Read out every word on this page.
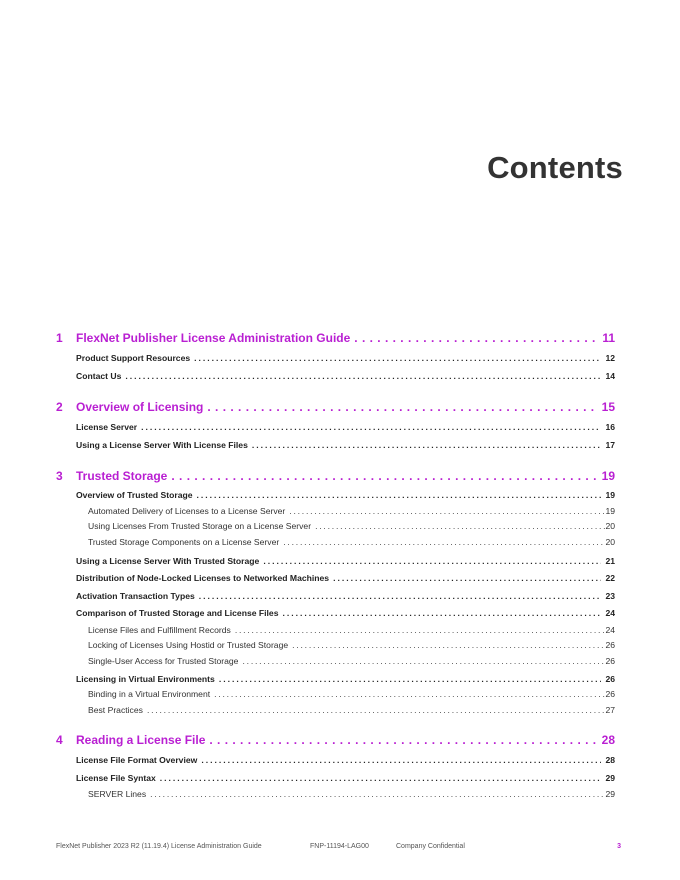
Contents
1	FlexNet Publisher License Administration Guide . . .	11
Product Support Resources . . .	12
Contact Us . . .	14
2	Overview of Licensing . . .	15
License Server . . .	16
Using a License Server With License Files . . .	17
3	Trusted Storage . . .	19
Overview of Trusted Storage . . .	19
Automated Delivery of Licenses to a License Server . . .	19
Using Licenses From Trusted Storage on a License Server . . .	20
Trusted Storage Components on a License Server . . .	20
Using a License Server With Trusted Storage . . .	21
Distribution of Node-Locked Licenses to Networked Machines . . .	22
Activation Transaction Types . . .	23
Comparison of Trusted Storage and License Files . . .	24
License Files and Fulfillment Records . . .	24
Locking of Licenses Using Hostid or Trusted Storage . . .	26
Single-User Access for Trusted Storage . . .	26
Licensing in Virtual Environments . . .	26
Binding in a Virtual Environment . . .	26
Best Practices . . .	27
4	Reading a License File . . .	28
License File Format Overview . . .	28
License File Syntax . . .	29
SERVER Lines . . .	29
FlexNet Publisher 2023 R2 (11.19.4) License Administration Guide	FNP-11194-LAG00	Company Confidential	3
